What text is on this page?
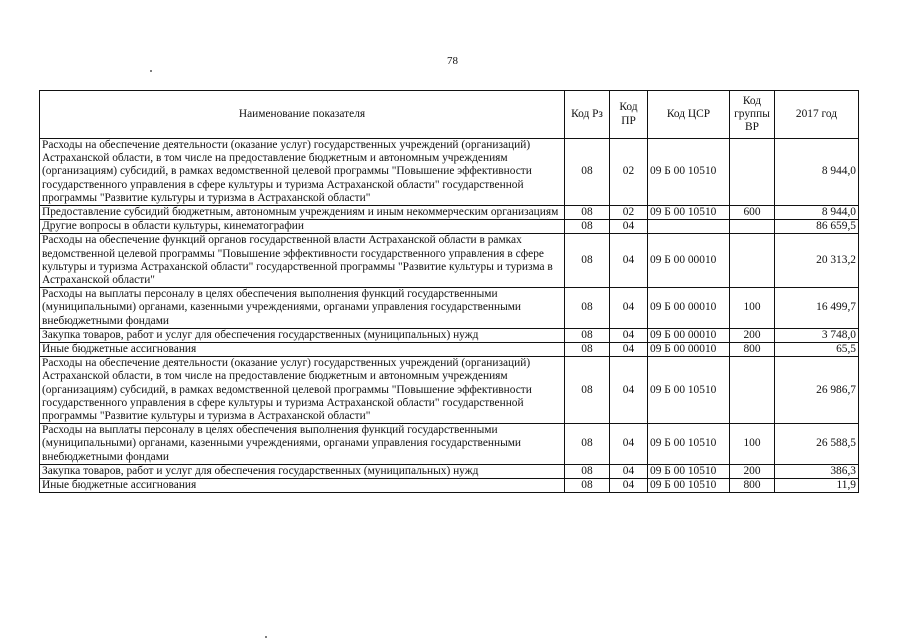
78
Наименование показателя	Код Рз	Код ПР	Код ЦСР	Код группы ВР	2017 год
Расходы на обеспечение деятельности (оказание услуг) государственных учреждений (организаций) Астраханской области, в том числе на предоставление бюджетным и автономным учреждениям (организациям) субсидий, в рамках ведомственной целевой программы "Повышение эффективности государственного управления в сфере культуры и туризма Астраханской области" государственной программы "Развитие культуры и туризма в Астраханской области"	08	02	09 Б 00 10510		8 944,0
Предоставление субсидий бюджетным, автономным учреждениям и иным некоммерческим организациям	08	02	09 Б 00 10510	600	8 944,0
Другие вопросы в области культуры, кинематографии	08	04			86 659,5
Расходы на обеспечение функций органов государственной власти Астраханской области в рамках ведомственной целевой программы "Повышение эффективности государственного управления в сфере культуры и туризма Астраханской области" государственной программы "Развитие культуры и туризма в Астраханской области"	08	04	09 Б 00 00010		20 313,2
Расходы на выплаты персоналу в целях обеспечения выполнения функций государственными (муниципальными) органами, казенными учреждениями, органами управления государственными внебюджетными фондами	08	04	09 Б 00 00010	100	16 499,7
Закупка товаров, работ и услуг для обеспечения государственных (муниципальных) нужд	08	04	09 Б 00 00010	200	3 748,0
Иные бюджетные ассигнования	08	04	09 Б 00 00010	800	65,5
Расходы на обеспечение деятельности (оказание услуг) государственных учреждений (организаций) Астраханской области, в том числе на предоставление бюджетным и автономным учреждениям (организациям) субсидий, в рамках ведомственной целевой программы "Повышение эффективности государственного управления в сфере культуры и туризма Астраханской области" государственной программы "Развитие культуры и туризма в Астраханской области"	08	04	09 Б 00 10510		26 986,7
Расходы на выплаты персоналу в целях обеспечения выполнения функций государственными (муниципальными) органами, казенными учреждениями, органами управления государственными внебюджетными фондами	08	04	09 Б 00 10510	100	26 588,5
Закупка товаров, работ и услуг для обеспечения государственных (муниципальных) нужд	08	04	09 Б 00 10510	200	386,3
Иные бюджетные ассигнования	08	04	09 Б 00 10510	800	11,9
